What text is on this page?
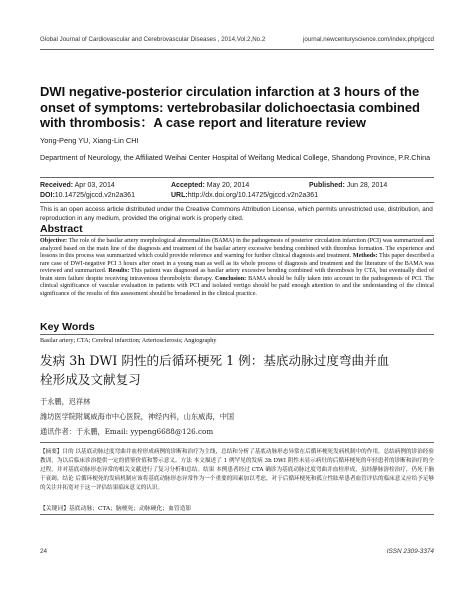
Global Journal of Cardiovascular and Cerebrovascular Diseases , 2014,Vol.2,No.2	journal.newcenturyscience.com/index.php/gjccd
DWI negative-posterior circulation infarction at 3 hours of the onset of symptoms: vertebrobasilar dolichoectasia combined with thrombosis：A case report and literature review
Yong-Peng YU, Xiang-Lin CHI
Department of Neurology, the Affiliated Weihai Center Hospital of Weifang Medical College, Shandong Province, P.R.China
Received: Apr 03, 2014	Accepted: May 20, 2014	Published: Jun 28, 2014
DOI:10.14725/gjccd.v2n2a361	URL:http://dx.doi.org/10.14725/gjccd.v2n2a361
This is an open access article distributed under the Creative Commons Attribution License, which permits unrestricted use, distribution, and reproduction in any medium, provided the original work is properly cited.
Abstract
Objective: The role of the basilar artery morphological abnormalities (BAMA) in the pathogenesis of posterior circulation infarction (PCI) was summarized and analyzed based on the main line of the diagnosis and treatment of the basilar artery excessive bending combined with thrombus formation. The experience and lessons in this process was summarized which could provide reference and warning for further clinical diagnosis and treatment. Methods: This paper described a rare case of DWI-negative PCI 3 hours after onset in a young man as well as its whole process of diagnosis and treatment and the literature of the BAMA was reviewed and summarized. Results: This patient was diagnosed as basilar artery excessive bending combined with thrombosis by CTA, but eventually died of brain stem failure despite receiving intravenous thrombolytic therapy. Conclusion: BAMA should be fully taken into account in the pathogenesis of PCI. The clinical significance of vascular evaluation in patients with PCI and isolated vertigo should be paid enough attention to and the understanding of the clinical significance of the results of this assessment should be broadened in the clinical practice.
Key Words
Basilar artery; CTA; Cerebral infarction; Arteriosclerosis; Angiography
发病 3h DWI 阴性的后循环梗死 1 例：基底动脉过度弯曲并血
栓形成及文献复习
于永鹏，迟祥林
潍坊医学院附属威海市中心医院，神经内科，山东威海，中国
通讯作者：于永鹏，Email: yypeng6688@126.com
【摘要】目的 以基底动脉过度弯曲并血栓形成病例的诊断和治疗为主线，总结和分析了基底动脉形态异常在后循环梗死发病机制中的作用，总结病例的诊治经验教训，为以后临床诊治提供一定的借鉴价值和警示意义。方法 本文描述了 1 例罕见的发病 3h DWI 阴性未显示病灶的后循环梗死的年轻患者的诊断和治疗的全过程，并对基底动脉形态异常的相关文献进行了复习分析和总结。结果 本例患者经过 CTA 确诊为基底动脉过度弯曲并血栓形成，虽经静脉溶栓治疗，仍死于脑干衰竭。结论 后循环梗死的发病机制应该将基底动脉形态异常作为一个重要的因素加以考虑，对于后循环梗死和孤立性眩晕患者血管评估的临床意义应给予足够的关注并拓宽对于这一评估结果临床意义的认识。
【关键词】基底动脉；CTA；脑梗死；动脉硬化；血管造影
24	ISSN 2309-3374
